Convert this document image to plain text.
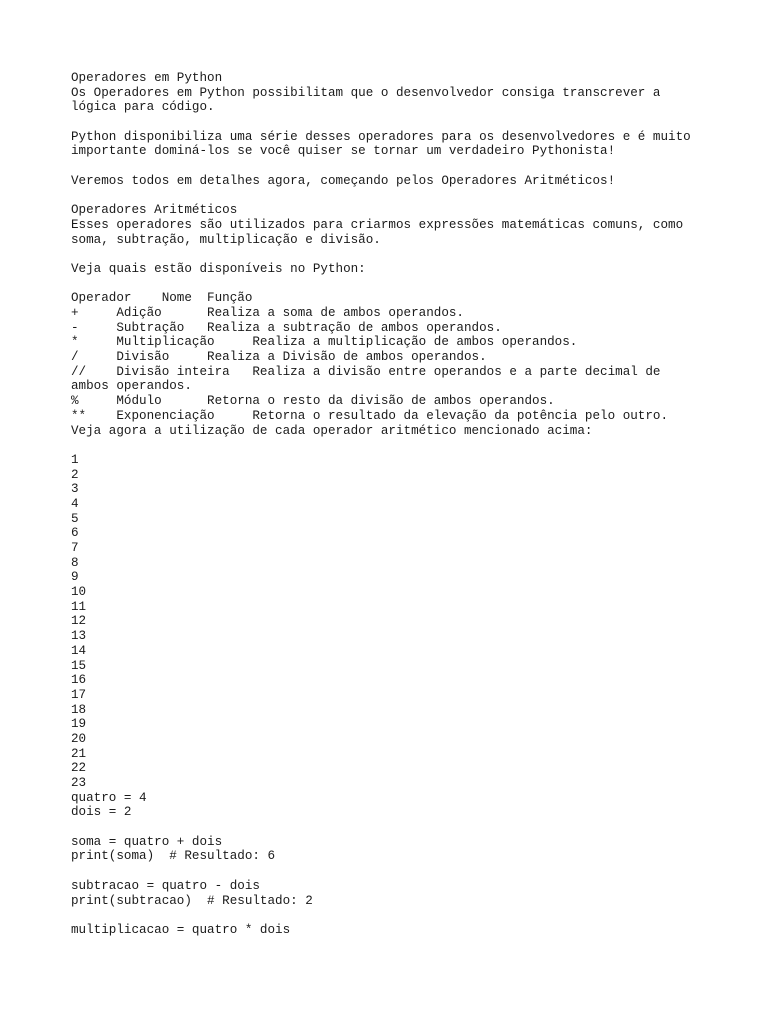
Operadores em Python
Os Operadores em Python possibilitam que o desenvolvedor consiga transcrever a
lógica para código.
Python disponibiliza uma série desses operadores para os desenvolvedores e é muito
importante dominá-los se você quiser se tornar um verdadeiro Pythonista!
Veremos todos em detalhes agora, começando pelos Operadores Aritméticos!
Operadores Aritméticos
Esses operadores são utilizados para criarmos expressões matemáticas comuns, como
soma, subtração, multiplicação e divisão.
Veja quais estão disponíveis no Python:
Operador    Nome  Função
+     Adição      Realiza a soma de ambos operandos.
-     Subtração   Realiza a subtração de ambos operandos.
*     Multiplicação     Realiza a multiplicação de ambos operandos.
/     Divisão     Realiza a Divisão de ambos operandos.
//    Divisão inteira   Realiza a divisão entre operandos e a parte decimal de
ambos operandos.
%     Módulo      Retorna o resto da divisão de ambos operandos.
**    Exponenciação     Retorna o resultado da elevação da potência pelo outro.
Veja agora a utilização de cada operador aritmético mencionado acima:
1
2
3
4
5
6
7
8
9
10
11
12
13
14
15
16
17
18
19
20
21
22
23
quatro = 4
dois = 2
soma = quatro + dois
print(soma)  # Resultado: 6
subtracao = quatro - dois
print(subtracao)  # Resultado: 2
multiplicacao = quatro * dois
